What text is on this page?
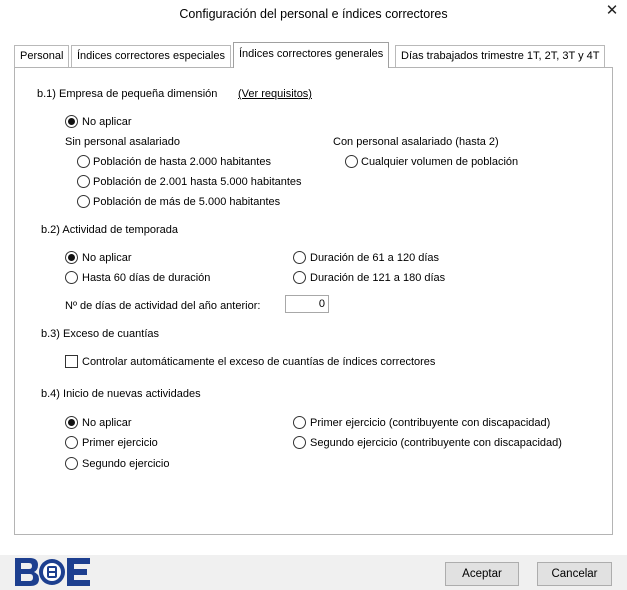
Configuración del personal e índices correctores	✕
Personal	Índices correctores especiales	Índices correctores generales	Días trabajados trimestre 1T, 2T, 3T y 4T
b.1) Empresa de pequeña dimensión (Ver requisitos)
No aplicar
Sin personal asalariado	Con personal asalariado (hasta 2)
Población de hasta 2.000 habitantes
Población de 2.001 hasta 5.000 habitantes
Población de más de 5.000 habitantes
Cualquier volumen de población
b.2) Actividad de temporada
No aplicar
Hasta 60 días de duración
Duración de 61 a 120 días
Duración de 121 a 180 días
Nº de días de actividad del año anterior:	0
b.3) Exceso de cuantías
Controlar automáticamente el exceso de cuantías de índices correctores
b.4) Inicio de nuevas actividades
No aplicar
Primer ejercicio
Segundo ejercicio
Primer ejercicio (contribuyente con discapacidad)
Segundo ejercicio (contribuyente con discapacidad)
Aceptar	Cancelar
